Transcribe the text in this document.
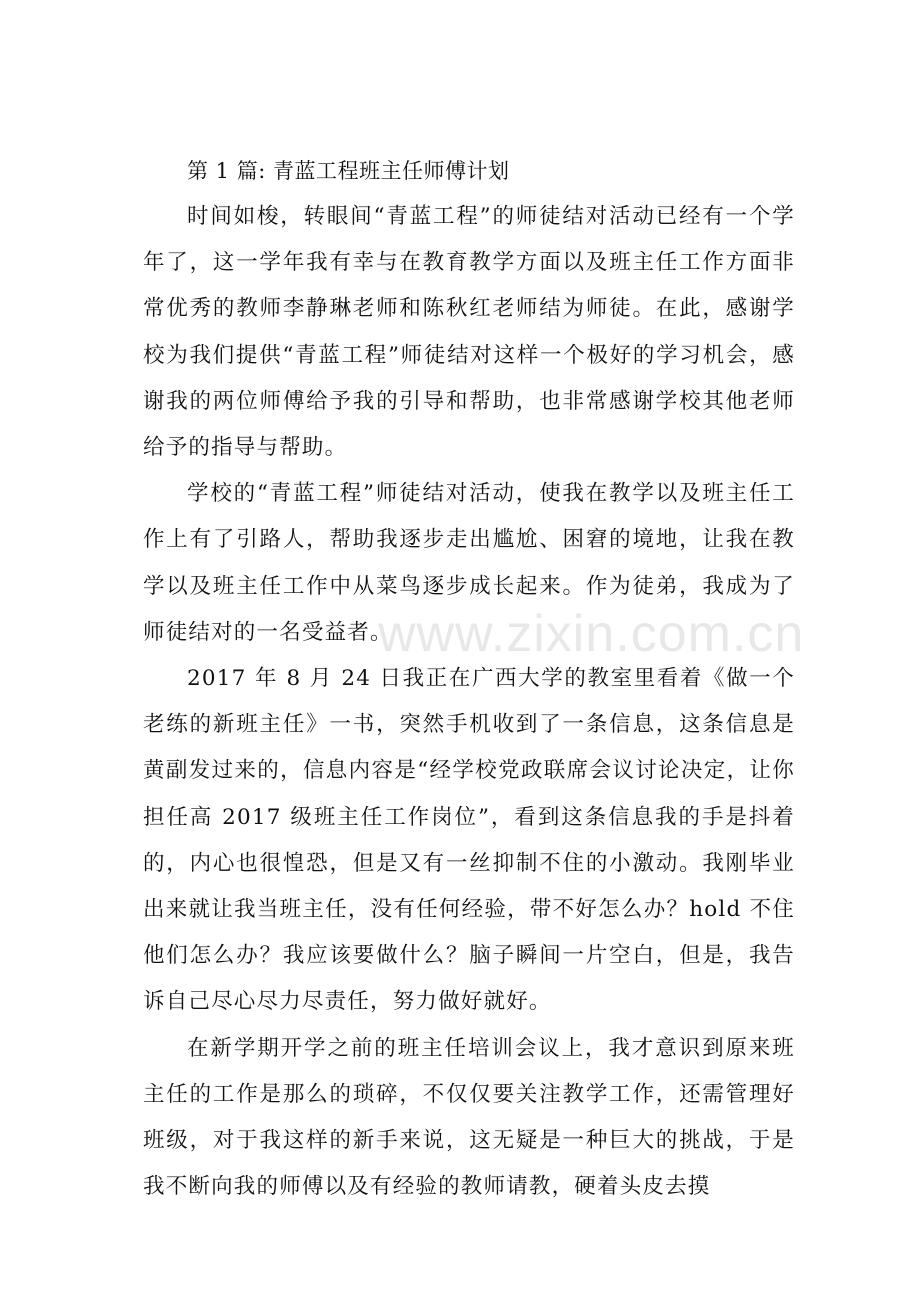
第 1 篇: 青蓝工程班主任师傅计划

时间如梭，转眼间“青蓝工程”的师徒结对活动已经有一个学年了，这一学年我有幸与在教育教学方面以及班主任工作方面非常优秀的教师李静琳老师和陈秋红老师结为师徒。在此，感谢学校为我们提供“青蓝工程”师徒结对这样一个极好的学习机会，感谢我的两位师傅给予我的引导和帮助，也非常感谢学校其他老师给予的指导与帮助。

学校的“青蓝工程”师徒结对活动，使我在教学以及班主任工作上有了引路人，帮助我逐步走出尴尬、困窘的境地，让我在教学以及班主任工作中从菜鸟逐步成长起来。作为徒弟，我成为了师徒结对的一名受益者。

2017 年 8 月 24 日我正在广西大学的教室里看着《做一个老练的新班主任》一书，突然手机收到了一条信息，这条信息是黄副发过来的，信息内容是“经学校党政联席会议讨论决定，让你担任高 2017 级班主任工作岗位”，看到这条信息我的手是抖着的，内心也很惶恐，但是又有一丝抑制不住的小激动。我刚毕业出来就让我当班主任，没有任何经验，带不好怎么办？hold 不住他们怎么办？我应该要做什么？脑子瞬间一片空白，但是，我告诉自己尽心尽力尽责任，努力做好就好。

在新学期开学之前的班主任培训会议上，我才意识到原来班主任的工作是那么的琐碎，不仅仅要关注教学工作，还需管理好班级，对于我这样的新手来说，这无疑是一种巨大的挑战，于是我不断向我的师傅以及有经验的教师请教，硬着头皮去摸

www.zixin.com.cn
